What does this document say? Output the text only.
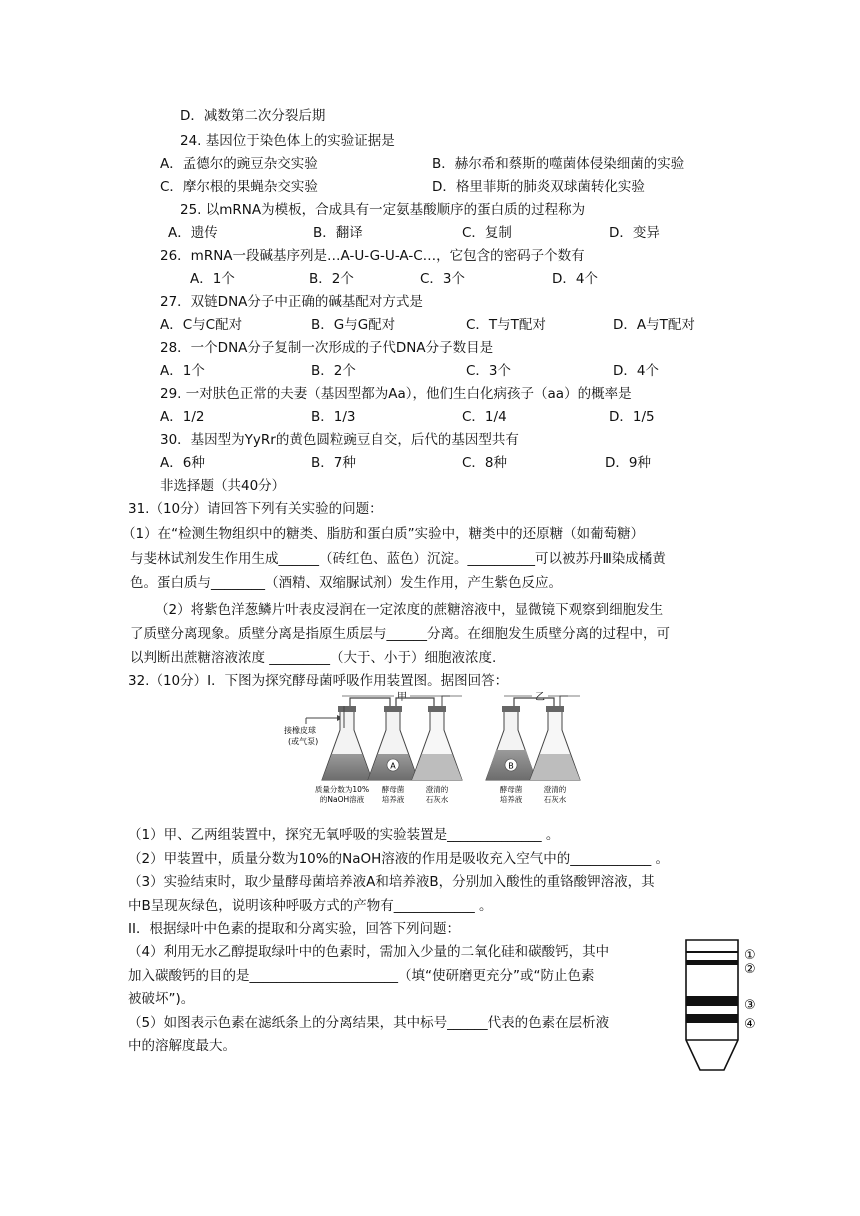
D．减数第二次分裂后期
24. 基因位于染色体上的实验证据是
A．孟德尔的豌豆杂交实验	B．赫尔希和蔡斯的噬菌体侵染细菌的实验
C．摩尔根的果蝇杂交实验	D．格里菲斯的肺炎双球菌转化实验
25. 以mRNA为模板，合成具有一定氨基酸顺序的蛋白质的过程称为
A．遗传	B．翻译	C．复制	D．变异
26．mRNA一段碱基序列是…A-U-G-U-A-C…，它包含的密码子个数有
A．1个	B．2个	C．3个	D．4个
27．双链DNA分子中正确的碱基配对方式是
A．C与C配对	B．G与G配对	C．T与T配对	D．A与T配对
28．一个DNA分子复制一次形成的子代DNA分子数目是
A．1个	B．2个	C．3个	D．4个
29. 一对肤色正常的夫妻（基因型都为Aa），他们生白化病孩子（aa）的概率是
A．1/2	B．1/3	C．1/4	D．1/5
30．基因型为YyRr的黄色圆粒豌豆自交，后代的基因型共有
A．6种	B．7种	C．8种	D．9种
非选择题（共40分）
31.（10分）请回答下列有关实验的问题：
（1）在“检测生物组织中的糖类、脂肪和蛋白质”实验中，糖类中的还原糖（如葡萄糖）
与斐林试剂发生作用生成______（砖红色、蓝色）沉淀。__________可以被苏丹Ⅲ染成橘黄
色。蛋白质与________（酒精、双缩脲试剂）发生作用，产生紫色反应。
（2）将紫色洋葱鳞片叶表皮浸润在一定浓度的蔗糖溶液中，显微镜下观察到细胞发生
了质壁分离现象。质壁分离是指原生质层与______分离。在细胞发生质壁分离的过程中，可
以判断出蔗糖溶液浓度 _________（大于、小于）细胞液浓度.
32.（10分）I．下图为探究酵母菌呼吸作用装置图。据图回答：
甲	乙
接橡皮球
(或气泵)
A	B
质量分数为10%
的NaOH溶液
酵母菌
培养液
澄清的
石灰水
酵母菌
培养液
澄清的
石灰水
（1）甲、乙两组装置中，探究无氧呼吸的实验装置是______________ 。
（2）甲装置中，质量分数为10%的NaOH溶液的作用是吸收充入空气中的____________ 。
（3）实验结束时，取少量酵母菌培养液A和培养液B，分别加入酸性的重铬酸钾溶液，其
中B呈现灰绿色，说明该种呼吸方式的产物有____________ 。
II．根据绿叶中色素的提取和分离实验，回答下列问题：
（4）利用无水乙醇提取绿叶中的色素时，需加入少量的二氧化硅和碳酸钙，其中
加入碳酸钙的目的是______________________（填“使研磨更充分”或“防止色素
被破坏”)。
（5）如图表示色素在滤纸条上的分离结果，其中标号______代表的色素在层析液
中的溶解度最大。
①
②
③
④
